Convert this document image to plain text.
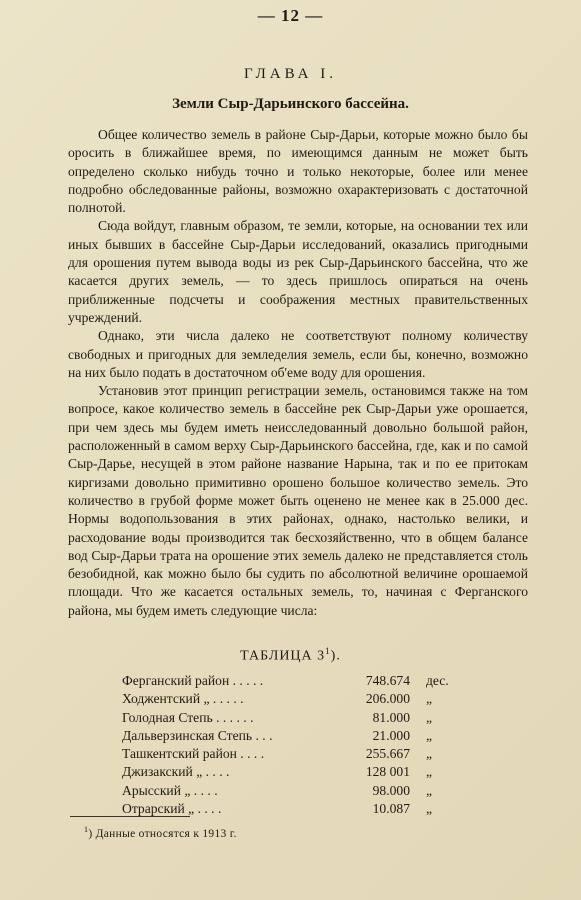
— 12 —
ГЛАВА I.
Земли Сыр-Дарьинского бассейна.

Общее количество земель в районе Сыр-Дарьи, которые можно было бы оросить в ближайшее время, по имеющимся данным не может быть определено сколько нибудь точно и только некоторые, более или менее подробно обследованные районы, возможно охарактеризовать с достаточной полнотой.

Сюда войдут, главным образом, те земли, которые, на основании тех или иных бывших в бассейне Сыр-Дарьи исследований, оказались пригодными для орошения путем вывода воды из рек Сыр-Дарьинского бассейна, что же касается других земель, — то здесь пришлось опираться на очень приближенные подсчеты и соображения местных правительственных учреждений.

Однако, эти числа далеко не соответствуют полному количеству свободных и пригодных для земледелия земель, если бы, конечно, возможно на них было подать в достаточном об'еме воду для орошения.

Установив этот принцип регистрации земель, остановимся также на том вопросе, какое количество земель в бассейне рек Сыр-Дарьи уже орошается, при чем здесь мы будем иметь неисследованный довольно большой район, расположенный в самом верху Сыр-Дарьинского бассейна, где, как и по самой Сыр-Дарье, несущей в этом районе название Нарына, так и по ее притокам киргизами довольно примитивно орошено большое количество земель. Это количество в грубой форме может быть оценено не менее как в 25.000 дес. Нормы водопользования в этих районах, однако, настолько велики, и расходование воды производится так бесхозяйственно, что в общем балансе вод Сыр-Дарьи трата на орошение этих земель далеко не представляется столь безобидной, как можно было бы судить по абсолютной величине орошаемой площади. Что же касается остальных земель, то, начиная с Ферганского района, мы будем иметь следующие числа:

ТАБЛИЦА $3^1$).
Ферганский район . . . . .	748.674 дес.
Ходжентский „ . . . . .	206.000 „
Голодная Степь . . . . . .	81.000 „
Дальверзинская Степь . . .	21.000 „
Ташкентский район . . . .	255.667 „
Джизакский „ . . . .	128 001 „
Арысский „ . . . .	98.000 „
Отрарский „ . . . .	10.087 „
$^1$) Данные относятся к 1913 г.
